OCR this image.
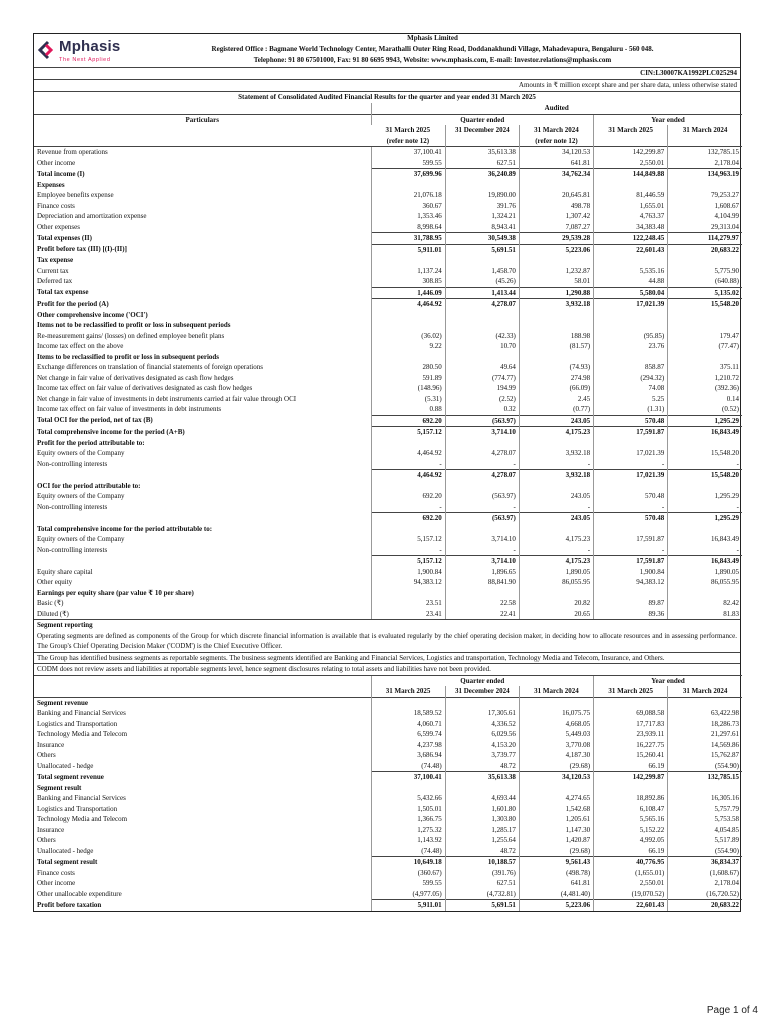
Mphasis
The Next Applied
Mphasis Limited
Registered Office : Bagmane World Technology Center, Marathalli Outer Ring Road, Doddanakhundi Village, Mahadevapura, Bengaluru - 560 048.
Telephone: 91 80 67501000, Fax: 91 80 6695 9943, Website: www.mphasis.com, E-mail: Investor.relations@mphasis.com
CIN:L30007KA1992PLC025294
Amounts in ₹ million except share and per share data, unless otherwise stated
Statement of Consolidated Audited Financial Results for the quarter and year ended 31 March 2025
	Audited				
Particulars	Quarter ended			Year ended	
	31 March 2025	31 December 2024	31 March 2024	31 March 2025	31 March 2024
	(refer note 12)		(refer note 12)		
Revenue from operations	37,100.41	35,613.38	34,120.53	142,299.87	132,785.15
Other income	599.55	627.51	641.81	2,550.01	2,178.04
Total income (I)	37,699.96	36,240.89	34,762.34	144,849.88	134,963.19
Expenses					
Employee benefits expense	21,076.18	19,890.00	20,645.81	81,446.59	79,253.27
Finance costs	360.67	391.76	498.78	1,655.01	1,608.67
Depreciation and amortization expense	1,353.46	1,324.21	1,307.42	4,763.37	4,104.99
Other expenses	8,998.64	8,943.41	7,087.27	34,383.48	29,313.04
Total expenses (II)	31,788.95	30,549.38	29,539.28	122,248.45	114,279.97
Profit before tax (III) [(I)-(II)]	5,911.01	5,691.51	5,223.06	22,601.43	20,683.22
Tax expense					
Current tax	1,137.24	1,458.70	1,232.87	5,535.16	5,775.90
Deferred tax	308.85	(45.26)	58.01	44.88	(640.88)
Total tax expense	1,446.09	1,413.44	1,290.88	5,580.04	5,135.02
Profit for the period (A)	4,464.92	4,278.07	3,932.18	17,021.39	15,548.20
Other comprehensive income ('OCI')					
Items not to be reclassified to profit or loss in subsequent periods					
Re-measurement gains/ (losses) on defined employee benefit plans	(36.02)	(42.33)	188.98	(95.85)	179.47
Income tax effect on the above	9.22	10.70	(81.57)	23.76	(77.47)
Items to be reclassified to profit or loss in subsequent periods					
Exchange differences on translation of financial statements of foreign operations	280.50	49.64	(74.93)	858.87	375.11
Net change in fair value of derivatives designated as cash flow hedges	591.89	(774.77)	274.98	(294.32)	1,210.72
Income tax effect on fair value of derivatives designated as cash flow hedges	(148.96)	194.99	(66.09)	74.08	(392.36)
Net change in fair value of investments in debt instruments carried at fair value through OCI	(5.31)	(2.52)	2.45	5.25	0.14
Income tax effect on fair value of investments in debt instruments	0.88	0.32	(0.77)	(1.31)	(0.52)
Total OCI for the period, net of tax (B)	692.20	(563.97)	243.05	570.48	1,295.29
Total comprehensive income for the period (A+B)	5,157.12	3,714.10	4,175.23	17,591.87	16,843.49
Profit for the period attributable to:					
Equity owners of the Company	4,464.92	4,278.07	3,932.18	17,021.39	15,548.20
Non-controlling interests	-	-	-	-	-
	4,464.92	4,278.07	3,932.18	17,021.39	15,548.20
OCI for the period attributable to:					
Equity owners of the Company	692.20	(563.97)	243.05	570.48	1,295.29
Non-controlling interests	-	-	-	-	-
	692.20	(563.97)	243.05	570.48	1,295.29
Total comprehensive income for the period attributable to:					
Equity owners of the Company	5,157.12	3,714.10	4,175.23	17,591.87	16,843.49
Non-controlling interests	-	-	-	-	-
	5,157.12	3,714.10	4,175.23	17,591.87	16,843.49
Equity share capital	1,900.84	1,896.65	1,890.05	1,900.84	1,890.05
Other equity	94,383.12	88,841.90	86,055.95	94,383.12	86,055.95
Earnings per equity share (par value ₹ 10 per share)					
Basic (₹)	23.51	22.58	20.82	89.87	82.42
Diluted (₹)	23.41	22.41	20.65	89.36	81.83
Segment reporting
Operating segments are defined as components of the Group for which discrete financial information is available that is evaluated regularly by the chief operating decision maker, in deciding how to allocate resources and in assessing performance. The Group's Chief Operating Decision Maker ('CODM') is the Chief Executive Officer.
The Group has identified business segments as reportable segments. The business segments identified are Banking and Financial Services, Logistics and transportation, Technology Media and Telecom, Insurance, and Others.
CODM does not review assets and liabilities at reportable segments level, hence segment disclosures relating to total assets and liabilities have not been provided.
	Quarter ended			Year ended	
	31 March 2025	31 December 2024	31 March 2024	31 March 2025	31 March 2024
Segment revenue					
Banking and Financial Services	18,589.52	17,305.61	16,075.75	69,088.58	63,422.98
Logistics and Transportation	4,060.71	4,336.52	4,668.05	17,717.83	18,286.73
Technology Media and Telecom	6,599.74	6,029.56	5,449.03	23,939.11	21,297.61
Insurance	4,237.98	4,153.20	3,770.08	16,227.75	14,569.86
Others	3,686.94	3,739.77	4,187.30	15,260.41	15,762.87
Unallocated - hedge	(74.48)	48.72	(29.68)	66.19	(554.90)
Total segment revenue	37,100.41	35,613.38	34,120.53	142,299.87	132,785.15
Segment result					
Banking and Financial Services	5,432.66	4,693.44	4,274.65	18,892.86	16,305.16
Logistics and Transportation	1,505.01	1,601.80	1,542.68	6,108.47	5,757.79
Technology Media and Telecom	1,366.75	1,303.80	1,205.61	5,565.16	5,753.58
Insurance	1,275.32	1,285.17	1,147.30	5,152.22	4,054.85
Others	1,143.92	1,255.64	1,420.87	4,992.05	5,517.89
Unallocated - hedge	(74.48)	48.72	(29.68)	66.19	(554.90)
Total segment result	10,649.18	10,188.57	9,561.43	40,776.95	36,834.37
Finance costs	(360.67)	(391.76)	(498.78)	(1,655.01)	(1,608.67)
Other income	599.55	627.51	641.81	2,550.01	2,178.04
Other unallocable expenditure	(4,977.05)	(4,732.81)	(4,481.40)	(19,070.52)	(16,720.52)
Profit before taxation	5,911.01	5,691.51	5,223.06	22,601.43	20,683.22
Page 1 of 4
